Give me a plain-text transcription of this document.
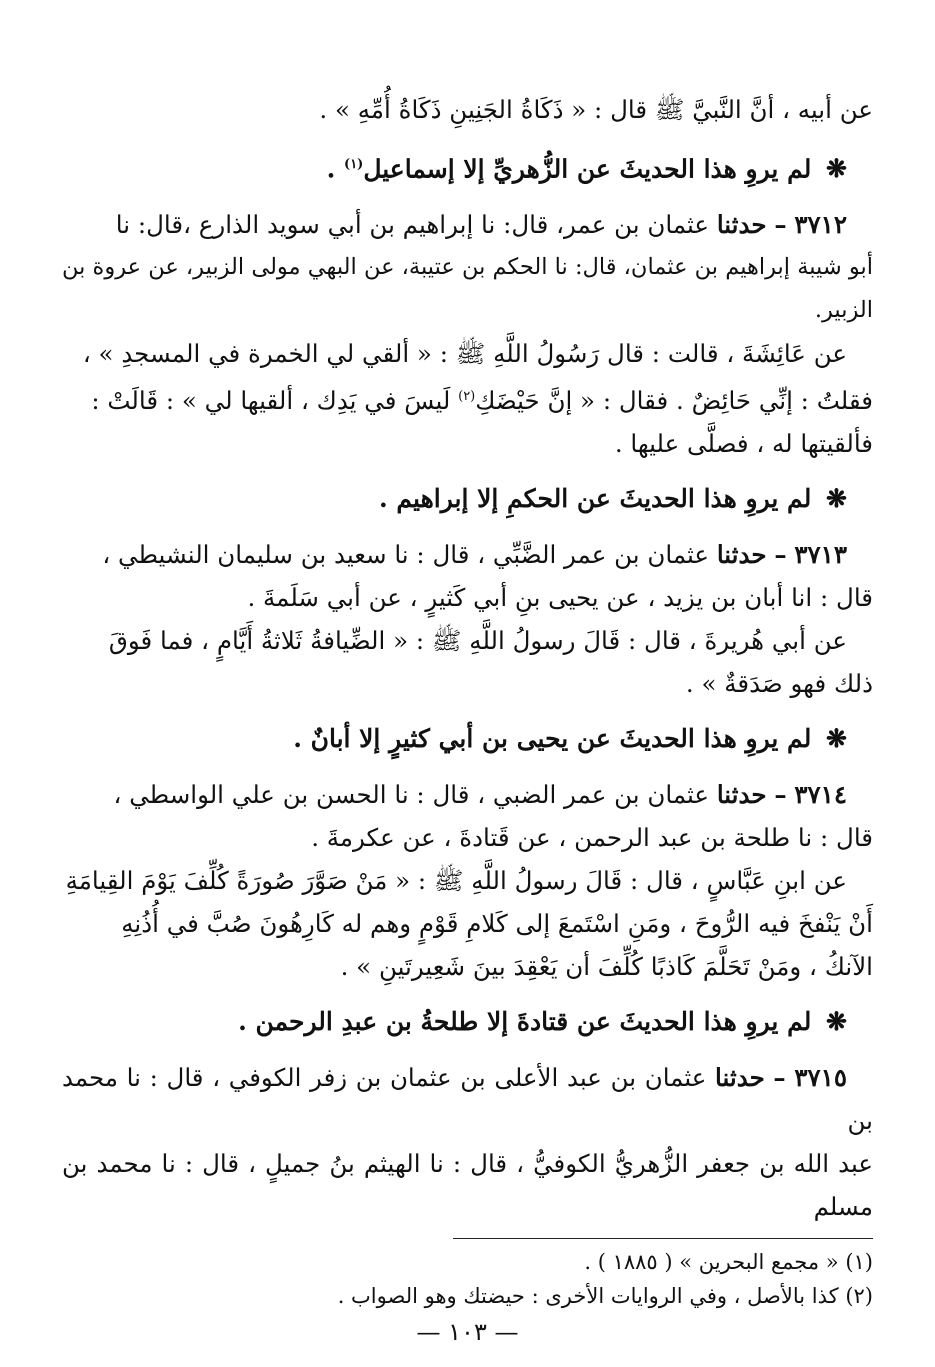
عن أبيه ، أنَّ النَّبيَّ ﷺ قال : « ذَكَاةُ الجَنِينِ ذَكَاةُ أُمِّهِ » .

❋ لم يروِ هذا الحديثَ عن الزُّهريِّ إلا إسماعيل$^{(١)}$ .

٣٧١٢ – حدثنا عثمان بن عمر، قال: نا إبراهيم بن أبي سويد الذارع ،قال: نا

أبو شيبة إبراهيم بن عثمان، قال: نا الحكم بن عتيبة، عن البهي مولى الزبير، عن عروة بن الزبير.

عن عَائِشَةَ ، قالت : قال رَسُولُ اللَّهِ ﷺ : « ألقي لي الخمرة في المسجدِ » ،

فقلتُ : إنِّي حَائِضٌ . فقال : « إنَّ حَيْضَكِ$^{(٢)}$ لَيسَ في يَدِك ، ألقيها لي » : قَالَتْ :

فألقيتها له ، فصلَّى عليها .

❋ لم يروِ هذا الحديثَ عن الحكمِ إلا إبراهيم .

٣٧١٣ – حدثنا عثمان بن عمر الضَّبِّي ، قال : نا سعيد بن سليمان النشيطي ،

قال : انا أبان بن يزيد ، عن يحيى بنِ أبي كَثيرٍ ، عن أبي سَلَمةَ .

عن أبي هُريرةَ ، قال : قَالَ رسولُ اللَّهِ ﷺ : « الضِّيافةُ ثَلاثةُ أَيَّامٍ ، فما فَوقَ

ذلك فهو صَدَقةٌ » .

❋ لم يروِ هذا الحديثَ عن يحيى بن أبي كثيرٍ إلا أبانٌ .

٣٧١٤ – حدثنا عثمان بن عمر الضبي ، قال : نا الحسن بن علي الواسطي ،

قال : نا طلحة بن عبد الرحمن ، عن قَتادةَ ، عن عكرمةَ .

عن ابنِ عَبَّاسٍ ، قال : قَالَ رسولُ اللَّهِ ﷺ : « مَنْ صَوَّرَ صُورَةً كُلِّفَ يَوْمَ القِيامَةِ

أَنْ يَنْفخَ فيه الرُّوحَ ، ومَنِ اسْتَمعَ إلى كَلامِ قَوْمٍ وهم له كَارِهُونَ صُبَّ في أُذُنِهِ

الآنكُ ، ومَنْ تَحَلَّمَ كَاذبًا كُلِّفَ أن يَعْقِدَ بينَ شَعِيرتَينِ » .

❋ لم يروِ هذا الحديثَ عن قتادةَ إلا طلحةُ بن عبدِ الرحمن .

٣٧١٥ – حدثنا عثمان بن عبد الأعلى بن عثمان بن زفر الكوفي ، قال : نا محمد بن

عبد الله بن جعفر الزُّهريُّ الكوفيُّ ، قال : نا الهيثم بنُ جميلٍ ، قال : نا محمد بن مسلم

(١) « مجمع البحرين » ( ١٨٨٥ ) .

(٢) كذا بالأصل ، وفي الروايات الأخرى : حيضتك وهو الصواب .

— ١٠٣ —
